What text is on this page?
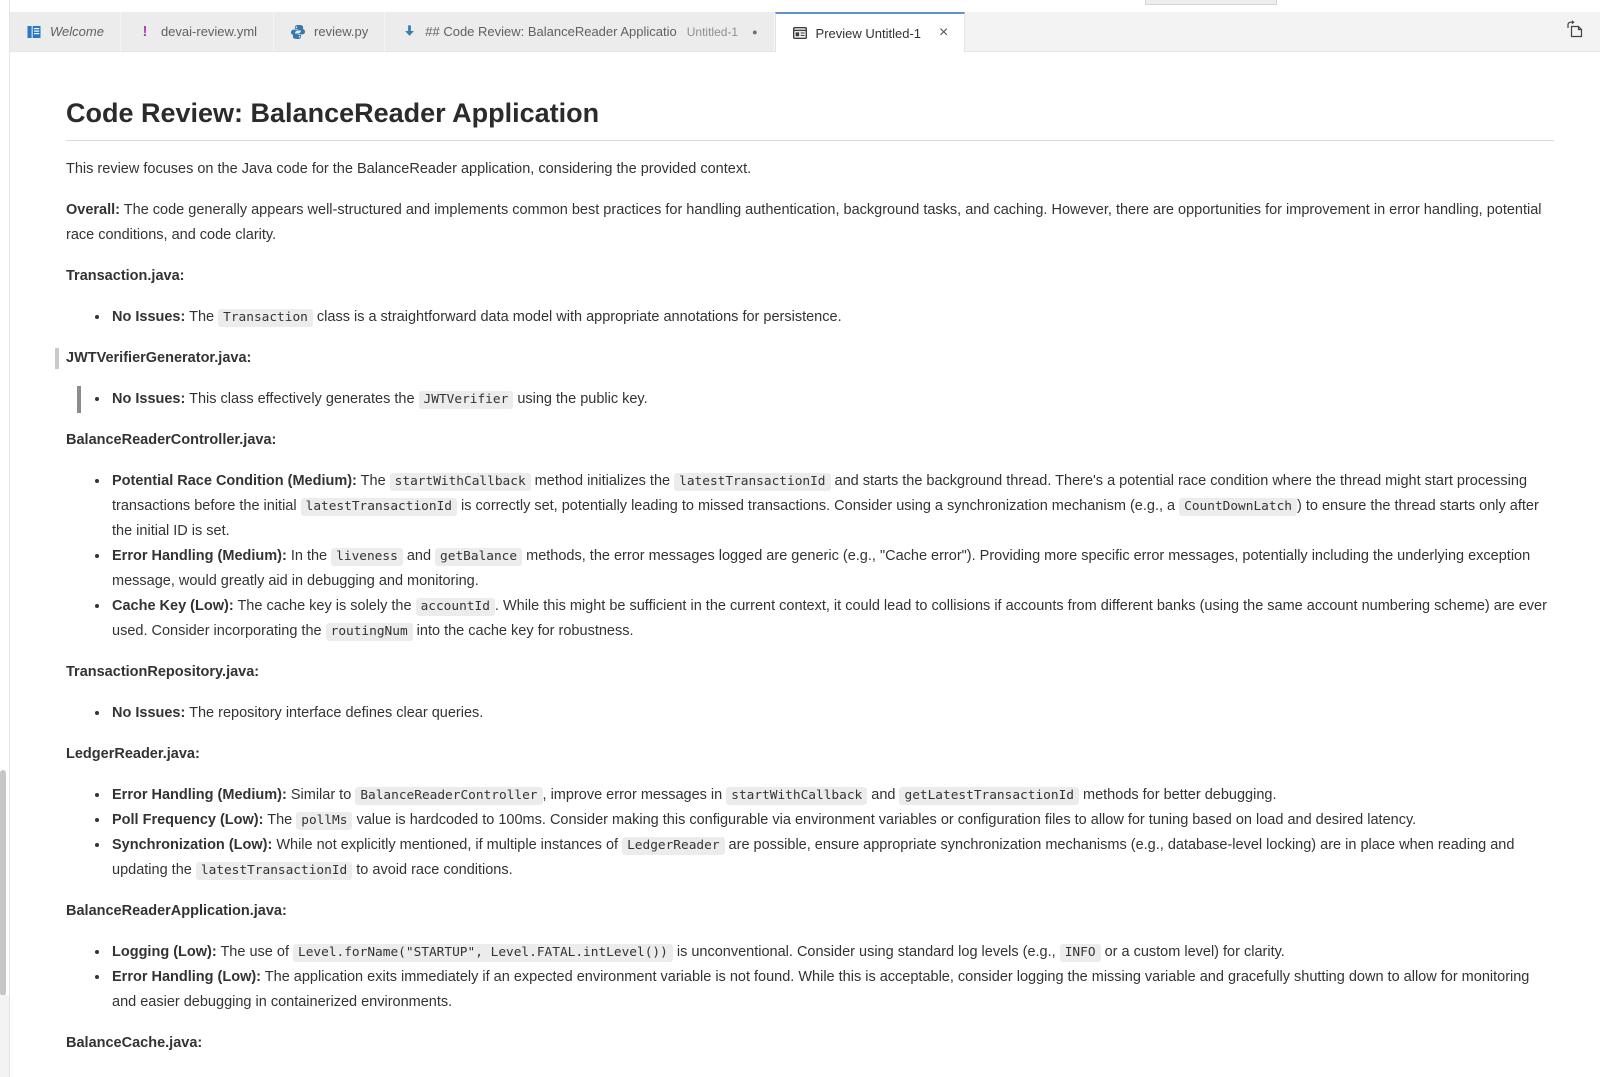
Welcome	! devai-review.yml	review.py	## Code Review: BalanceReader Applicatio Untitled-1 ●	Preview Untitled-1 ×
Code Review: BalanceReader Application

This review focuses on the Java code for the BalanceReader application, considering the provided context.

Overall: The code generally appears well-structured and implements common best practices for handling authentication, background tasks, and caching. However, there are opportunities for improvement in error handling, potential race conditions, and code clarity.

Transaction.java:

• No Issues: The Transaction class is a straightforward data model with appropriate annotations for persistence.

JWTVerifierGenerator.java:

• No Issues: This class effectively generates the JWTVerifier using the public key.

BalanceReaderController.java:

• Potential Race Condition (Medium): The startWithCallback method initializes the latestTransactionId and starts the background thread. There's a potential race condition where the thread might start processing transactions before the initial latestTransactionId is correctly set, potentially leading to missed transactions. Consider using a synchronization mechanism (e.g., a CountDownLatch ) to ensure the thread starts only after the initial ID is set.
• Error Handling (Medium): In the liveness and getBalance methods, the error messages logged are generic (e.g., "Cache error"). Providing more specific error messages, potentially including the underlying exception message, would greatly aid in debugging and monitoring.
• Cache Key (Low): The cache key is solely the accountId . While this might be sufficient in the current context, it could lead to collisions if accounts from different banks (using the same account numbering scheme) are ever used. Consider incorporating the routingNum into the cache key for robustness.

TransactionRepository.java:

• No Issues: The repository interface defines clear queries.

LedgerReader.java:

• Error Handling (Medium): Similar to BalanceReaderController , improve error messages in startWithCallback and getLatestTransactionId methods for better debugging.
• Poll Frequency (Low): The pollMs value is hardcoded to 100ms. Consider making this configurable via environment variables or configuration files to allow for tuning based on load and desired latency.
• Synchronization (Low): While not explicitly mentioned, if multiple instances of LedgerReader are possible, ensure appropriate synchronization mechanisms (e.g., database-level locking) are in place when reading and updating the latestTransactionId to avoid race conditions.

BalanceReaderApplication.java:

• Logging (Low): The use of Level.forName("STARTUP", Level.FATAL.intLevel()) is unconventional. Consider using standard log levels (e.g., INFO or a custom level) for clarity.
• Error Handling (Low): The application exits immediately if an expected environment variable is not found. While this is acceptable, consider logging the missing variable and gracefully shutting down to allow for monitoring and easier debugging in containerized environments.

BalanceCache.java:
